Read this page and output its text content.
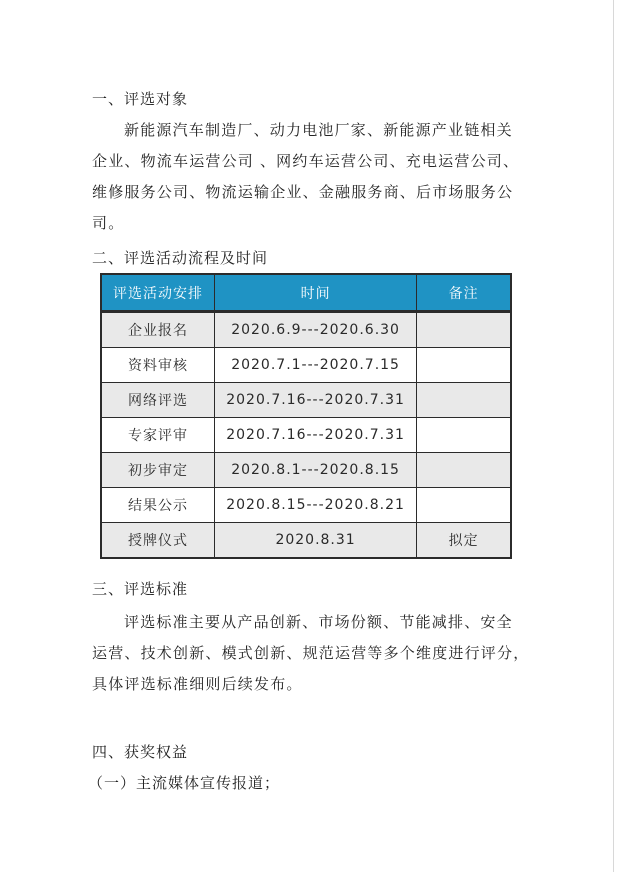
一、评选对象
新能源汽车制造厂、动力电池厂家、新能源产业链相关
企业、物流车运营公司 、网约车运营公司、充电运营公司、
维修服务公司、物流运输企业、金融服务商、后市场服务公
司。
二、评选活动流程及时间
评选活动安排	时间	备注
企业报名	2020.6.9---2020.6.30	
资料审核	2020.7.1---2020.7.15	
网络评选	2020.7.16---2020.7.31	
专家评审	2020.7.16---2020.7.31	
初步审定	2020.8.1---2020.8.15	
结果公示	2020.8.15---2020.8.21	
授牌仪式	2020.8.31	拟定
三、评选标准
评选标准主要从产品创新、市场份额、节能减排、安全
运营、技术创新、模式创新、规范运营等多个维度进行评分，
具体评选标准细则后续发布。
四、获奖权益
（一）主流媒体宣传报道；
